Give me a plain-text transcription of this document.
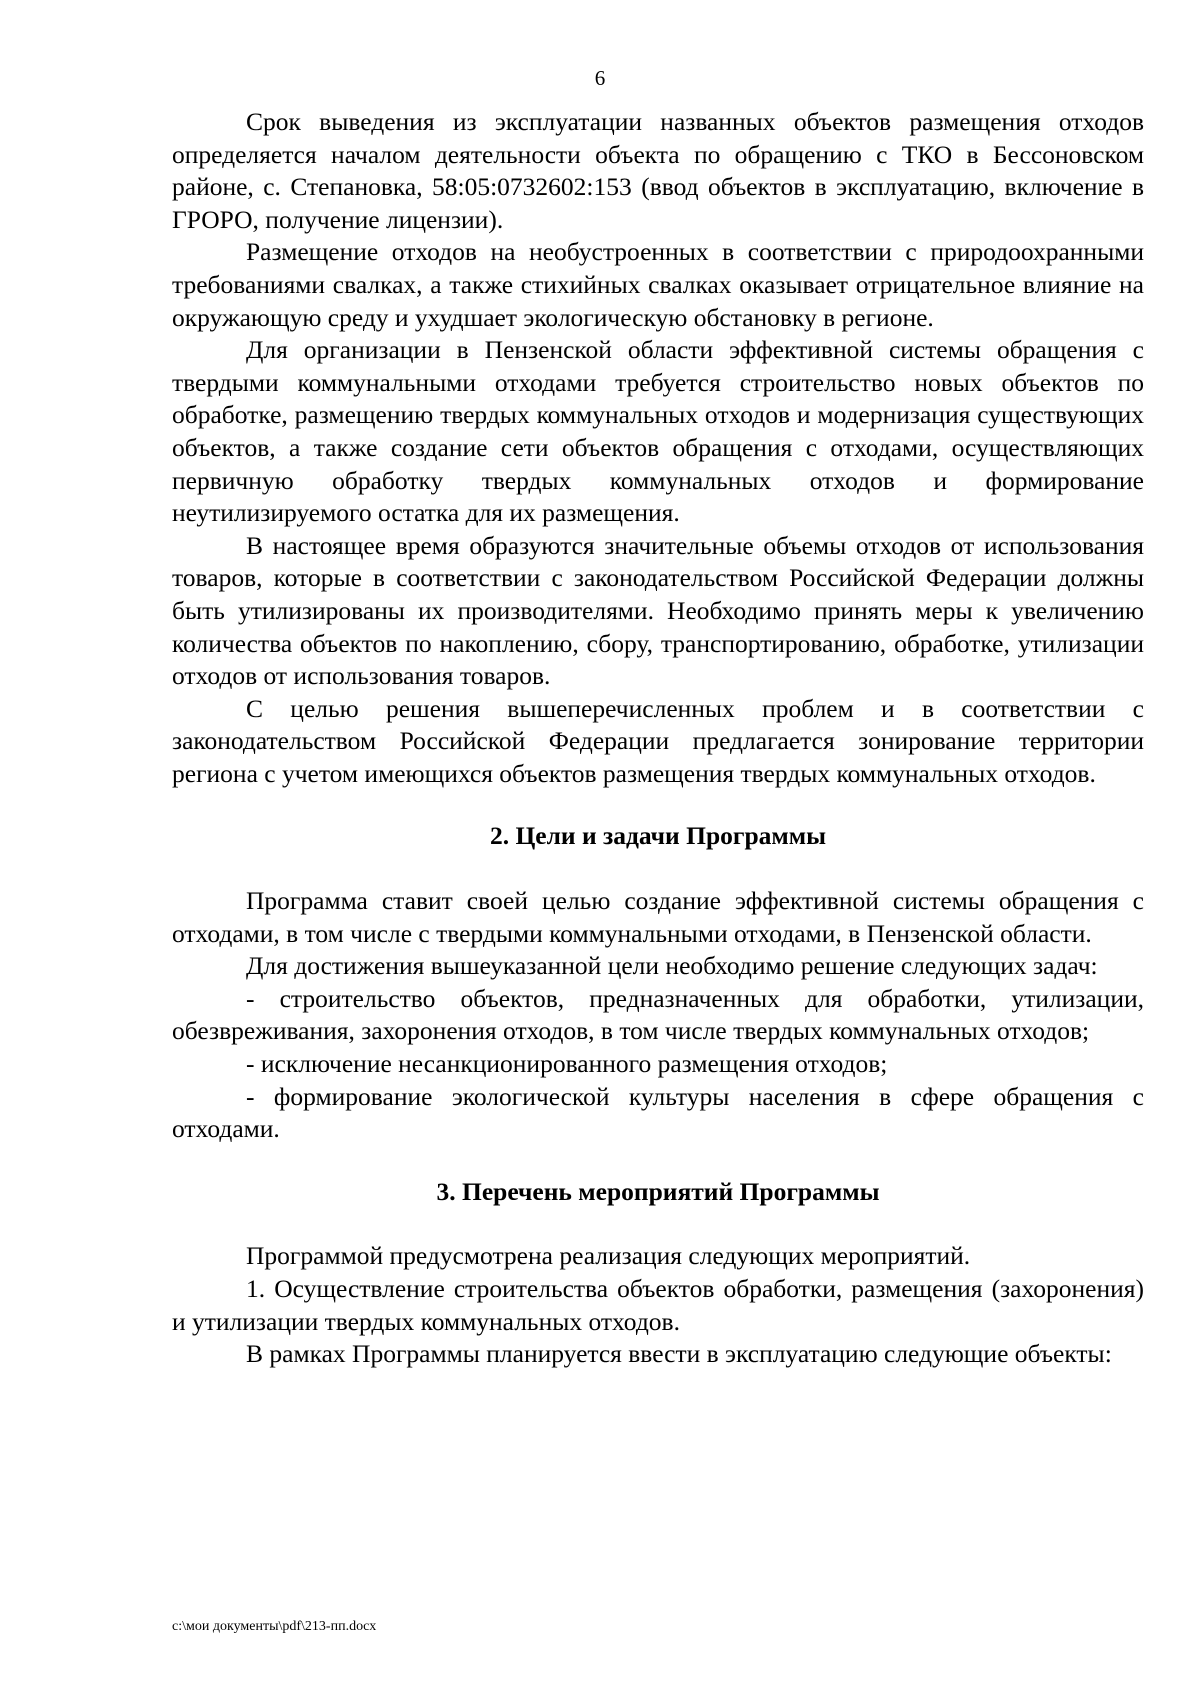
6

Срок выведения из эксплуатации названных объектов размещения отходов определяется началом деятельности объекта по обращению с ТКО в Бессоновском районе, с. Степановка, 58:05:0732602:153 (ввод объектов в эксплуатацию, включение в ГРОРО, получение лицензии).

Размещение отходов на необустроенных в соответствии с природоохранными требованиями свалках, а также стихийных свалках оказывает отрицательное влияние на окружающую среду и ухудшает экологическую обстановку в регионе.

Для организации в Пензенской области эффективной системы обращения с твердыми коммунальными отходами требуется строительство новых объектов по обработке, размещению твердых коммунальных отходов и модернизация существующих объектов, а также создание сети объектов обращения с отходами, осуществляющих первичную обработку твердых коммунальных отходов и формирование неутилизируемого остатка для их размещения.

В настоящее время образуются значительные объемы отходов от использования товаров, которые в соответствии с законодательством Российской Федерации должны быть утилизированы их производителями. Необходимо принять меры к увеличению количества объектов по накоплению, сбору, транспортированию, обработке, утилизации отходов от использования товаров.

С целью решения вышеперечисленных проблем и в соответствии с законодательством Российской Федерации предлагается зонирование территории региона с учетом имеющихся объектов размещения твердых коммунальных отходов.

2. Цели и задачи Программы

Программа ставит своей целью создание эффективной системы обращения с отходами, в том числе с твердыми коммунальными отходами, в Пензенской области.

Для достижения вышеуказанной цели необходимо решение следующих задач:

- строительство объектов, предназначенных для обработки, утилизации, обезвреживания, захоронения отходов, в том числе твердых коммунальных отходов;

- исключение несанкционированного размещения отходов;

- формирование экологической культуры населения в сфере обращения с отходами.

3. Перечень мероприятий Программы

Программой предусмотрена реализация следующих мероприятий.

1. Осуществление строительства объектов обработки, размещения (захоронения) и утилизации твердых коммунальных отходов.

В рамках Программы планируется ввести в эксплуатацию следующие объекты:

c:\мои документы\pdf\213-пп.docx
